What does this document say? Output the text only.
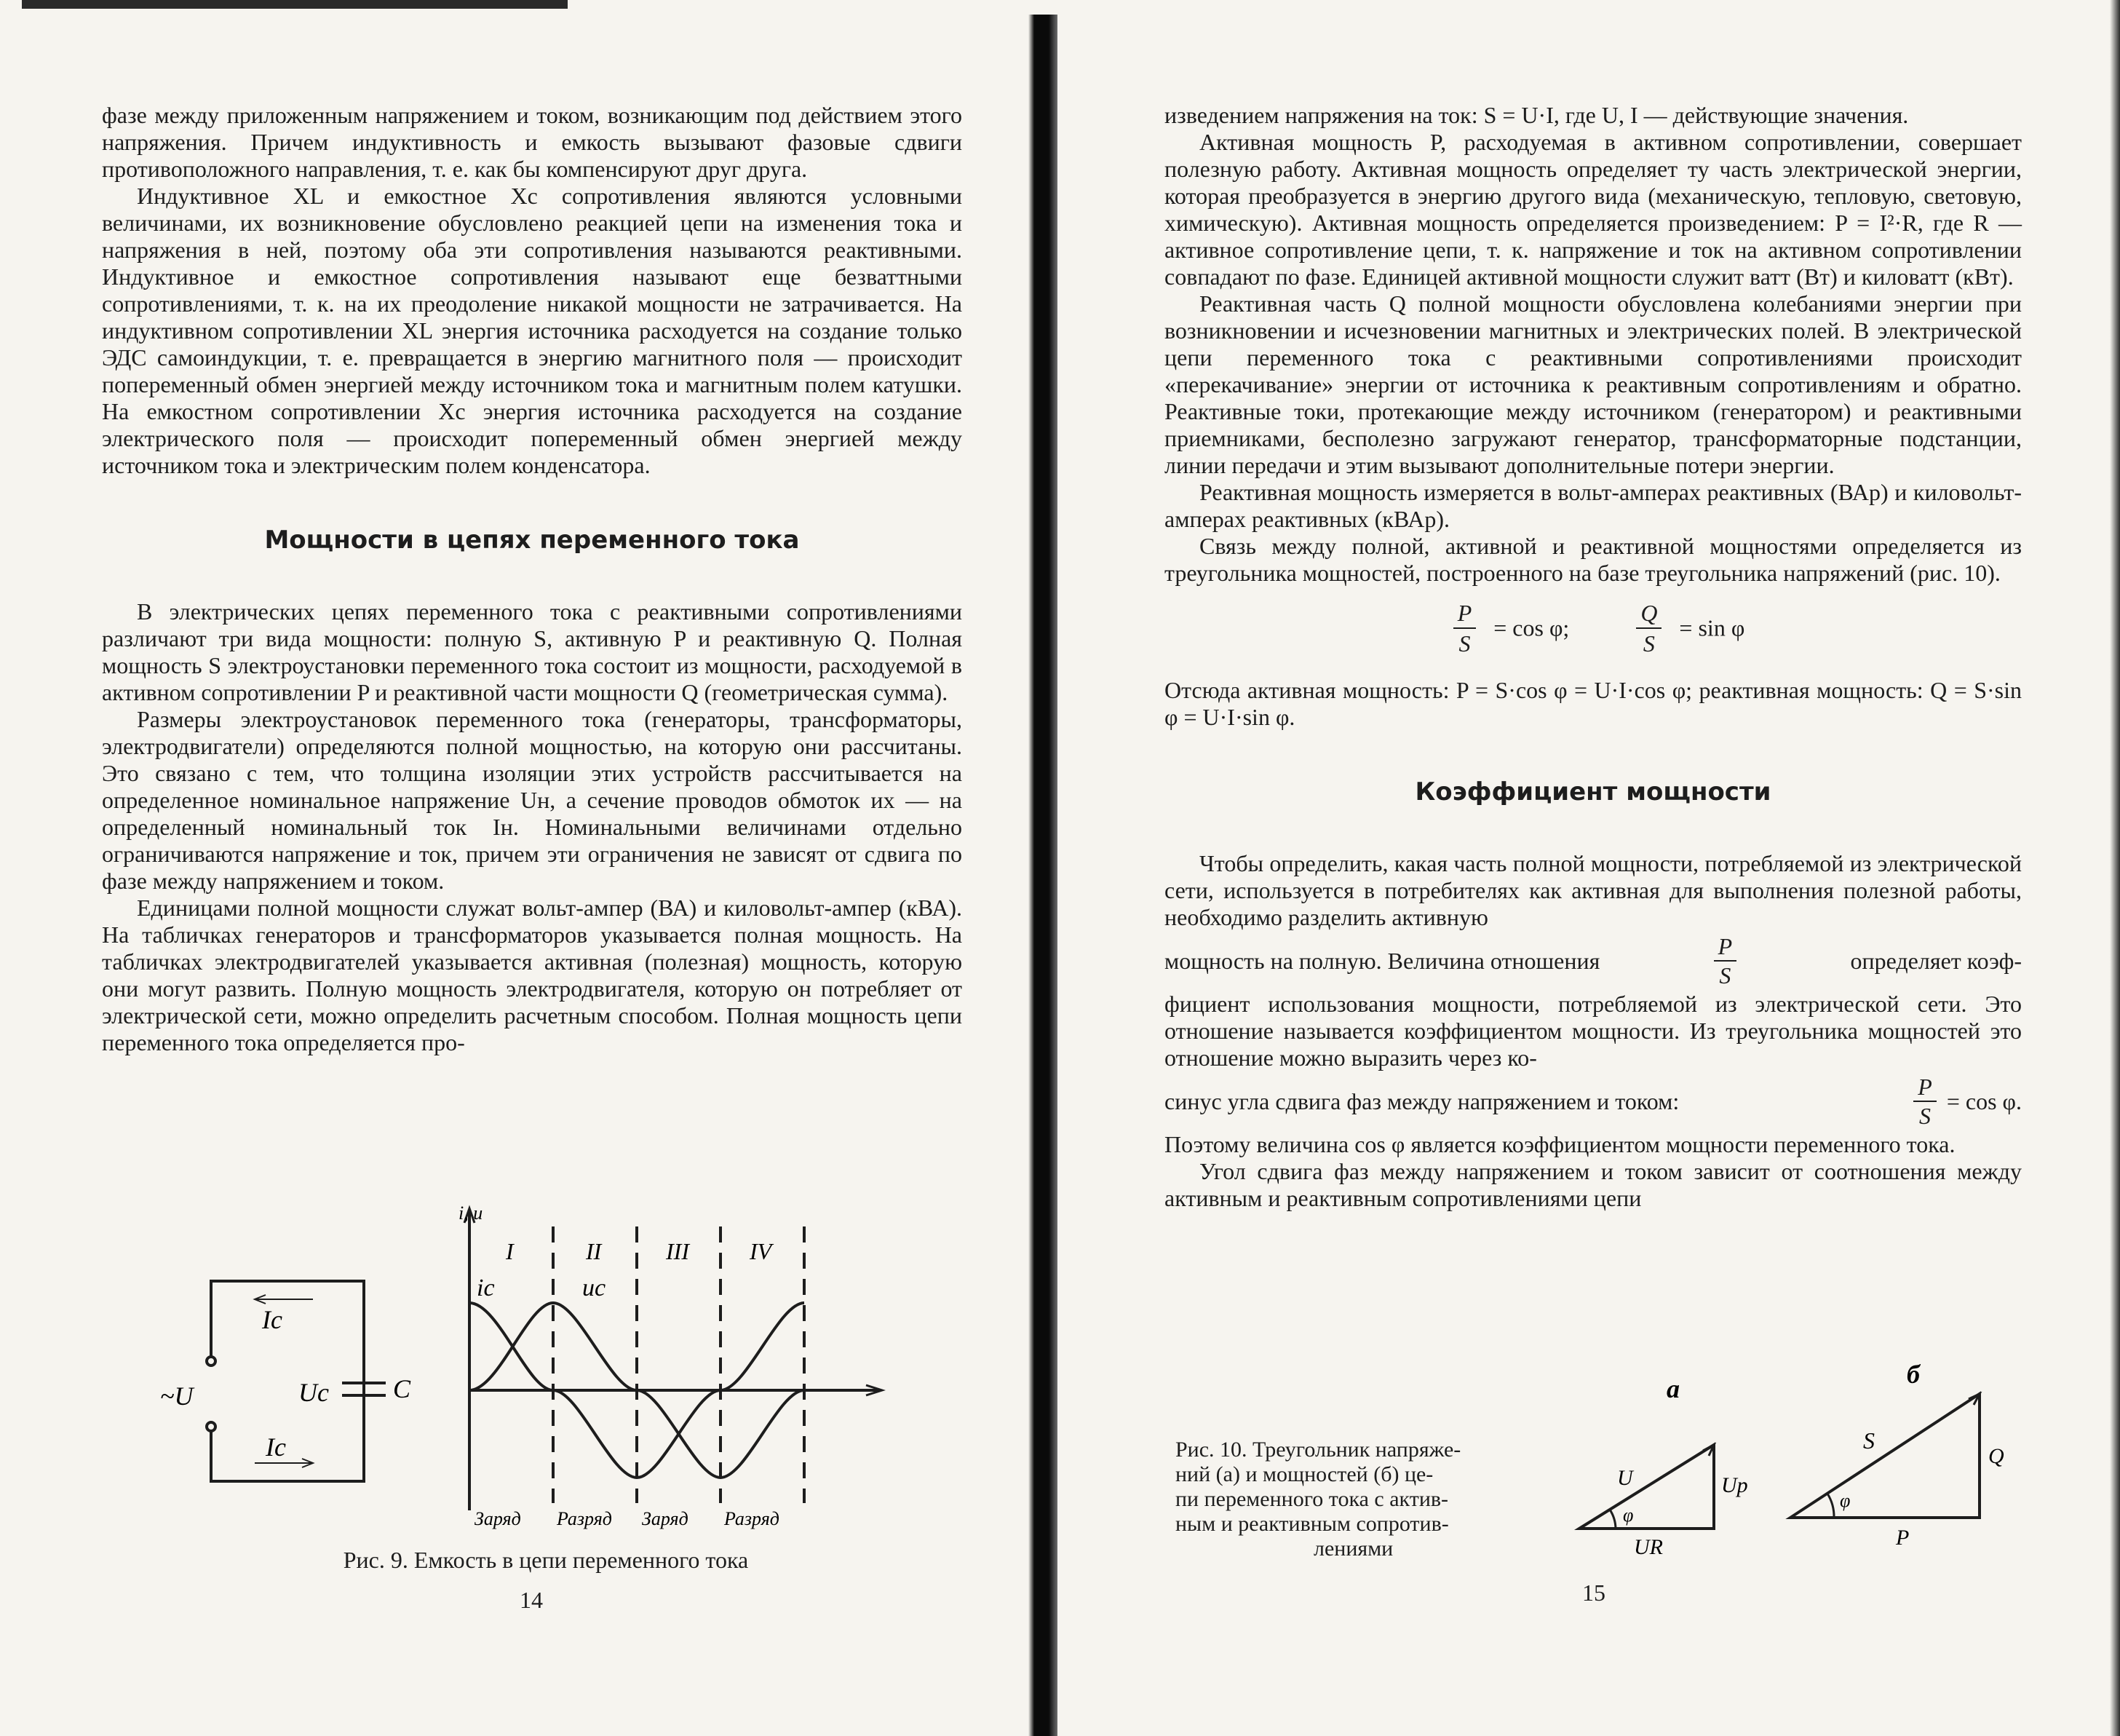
фазе между приложенным напряжением и током, возникающим под действием этого напряжения. Причем индуктивность и емкость вызывают фазовые сдвиги противоположного направления, т. е. как бы компенсируют друг друга.

Индуктивное XL и емкостное Xc сопротивления являются условными величинами, их возникновение обусловлено реакцией цепи на изменения тока и напряжения в ней, поэтому оба эти сопротивления называются реактивными. Индуктивное и емкостное сопротивления называют еще безваттными сопротивлениями, т. к. на их преодоление никакой мощности не затрачивается. На индуктивном сопротивлении XL энергия источника расходуется на создание только ЭДС самоиндукции, т. е. превращается в энергию магнитного поля — происходит попеременный обмен энергией между источником тока и магнитным полем катушки. На емкостном сопротивлении Xc энергия источника расходуется на создание электрического поля — происходит попеременный обмен энергией между источником тока и электрическим полем конденсатора.

Мощности в цепях переменного тока

В электрических цепях переменного тока с реактивными сопротивлениями различают три вида мощности: полную S, активную P и реактивную Q. Полная мощность S электроустановки переменного тока состоит из мощности, расходуемой в активном сопротивлении P и реактивной части мощности Q (геометрическая сумма).

Размеры электроустановок переменного тока (генераторы, трансформаторы, электродвигатели) определяются полной мощностью, на которую они рассчитаны. Это связано с тем, что толщина изоляции этих устройств рассчитывается на определенное номинальное напряжение Uн, а сечение проводов обмоток их — на определенный номинальный ток Iн. Номинальными величинами отдельно ограничиваются напряжение и ток, причем эти ограничения не зависят от сдвига по фазе между напряжением и током.

Единицами полной мощности служат вольт-ампер (ВА) и киловольт-ампер (кВА). На табличках генераторов и трансформаторов указывается полная мощность. На табличках электродвигателей указывается активная (полезная) мощность, которую они могут развить. Полную мощность электродвигателя, которую он потребляет от электрической сети, можно определить расчетным способом. Полная мощность цепи переменного тока определяется про-

~U
Ic
Ic
Uc C
i, u
ic	uc
I	II	III	IV
Заряд Разряд Заряд Разряд
Рис. 9. Емкость в цепи переменного тока
14

изведением напряжения на ток: S = U·I, где U, I — действующие значения.

Активная мощность P, расходуемая в активном сопротивлении, совершает полезную работу. Активная мощность определяет ту часть электрической энергии, которая преобразуется в энергию другого вида (механическую, тепловую, световую, химическую). Активная мощность определяется произведением: P = I²·R, где R — активное сопротивление цепи, т. к. напряжение и ток на активном сопротивлении совпадают по фазе. Единицей активной мощности служит ватт (Вт) и киловатт (кВт).

Реактивная часть Q полной мощности обусловлена колебаниями энергии при возникновении и исчезновении магнитных и электрических полей. В электрической цепи переменного тока с реактивными сопротивлениями происходит «перекачивание» энергии от источника к реактивным сопротивлениям и обратно. Реактивные токи, протекающие между источником (генератором) и реактивными приемниками, бесполезно загружают генератор, трансформаторные подстанции, линии передачи и этим вызывают дополнительные потери энергии.

Реактивная мощность измеряется в вольт-амперах реактивных (ВАр) и киловольт-амперах реактивных (кВАр).

Связь между полной, активной и реактивной мощностями определяется из треугольника мощностей, построенного на базе треугольника напряжений (рис. 10).

$\frac{P}{S} = \cos \varphi$;	$\frac{Q}{S} = \sin \varphi$

Отсюда активная мощность: P = S·cos φ = U·I·cos φ; реактивная мощность: Q = S·sin φ = U·I·sin φ.

Коэффициент мощности

Чтобы определить, какая часть полной мощности, потребляемой из электрической сети, используется в потребителях как активная для выполнения полезной работы, необходимо разделить активную

мощность на полную. Величина отношения	$\frac{P}{S}$	определяет коэф-

фициент использования мощности, потребляемой из электрической сети. Это отношение называется коэффициентом мощности. Из треугольника мощностей это отношение можно выразить через ко-

синус угла сдвига фаз между напряжением и током:	$\frac{P}{S} = \cos \varphi$.

Поэтому величина cos φ является коэффициентом мощности переменного тока.

Угол сдвига фаз между напряжением и током зависит от соотношения между активным и реактивным сопротивлениями цепи

Рис. 10. Треугольник напряже-
ний (а) и мощностей (б) це-
пи переменного тока с актив-
ным и реактивным сопротив-
лениями
а
U
φ
Up
UR
б
S
φ
Q
P
15
